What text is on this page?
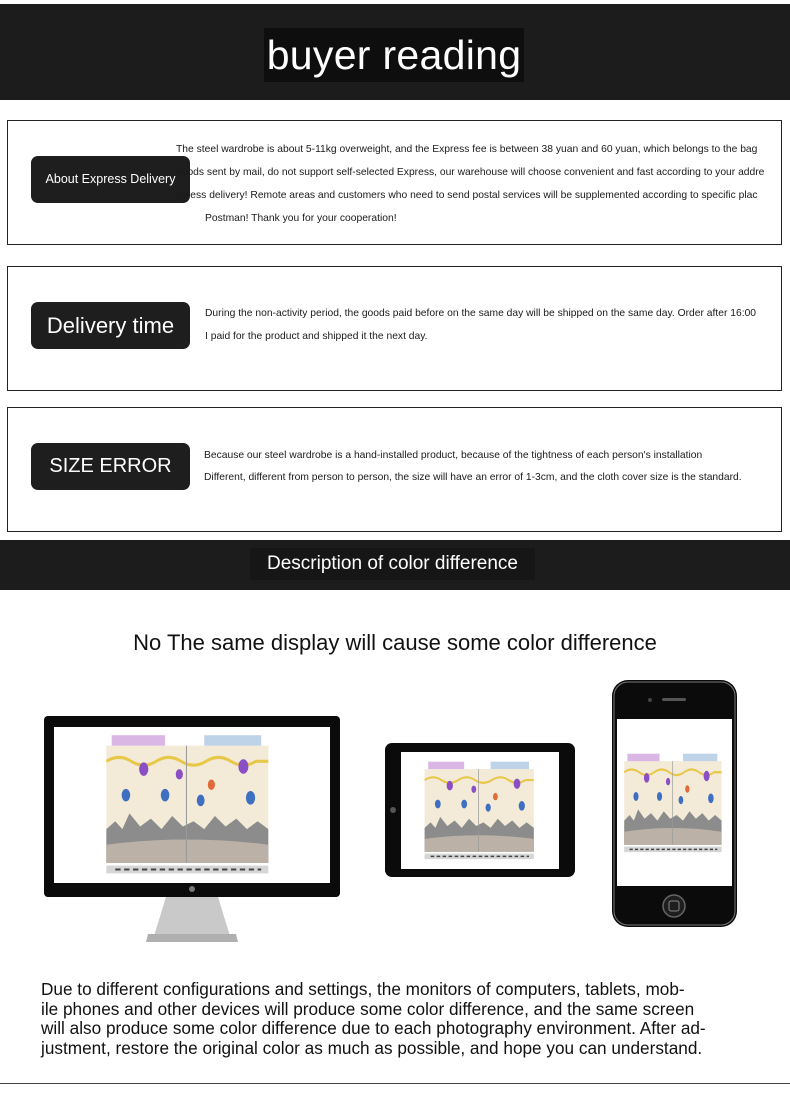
buyer reading
About Express Delivery
The steel wardrobe is about 5-11kg overweight, and the Express fee is between 38 yuan and 60 yuan, which belongs to the bag
goods sent by mail, do not support self-selected Express, our warehouse will choose convenient and fast according to your addre
xpress delivery! Remote areas and customers who need to send postal services will be supplemented according to specific plac
Postman! Thank you for your cooperation!
Delivery time	During the non-activity period, the goods paid before on the same day will be shipped on the same day. Order after 16:00
I paid for the product and shipped it the next day.
SIZE ERROR	Because our steel wardrobe is a hand-installed product, because of the tightness of each person's installation
Different, different from person to person, the size will have an error of 1-3cm, and the cloth cover size is the standard.
Description of color difference
No The same display will cause some color difference
Due to different configurations and settings, the monitors of computers, tablets, mob-
ile phones and other devices will produce some color difference, and the same screen
will also produce some color difference due to each photography environment. After ad-
justment, restore the original color as much as possible, and hope you can understand.
